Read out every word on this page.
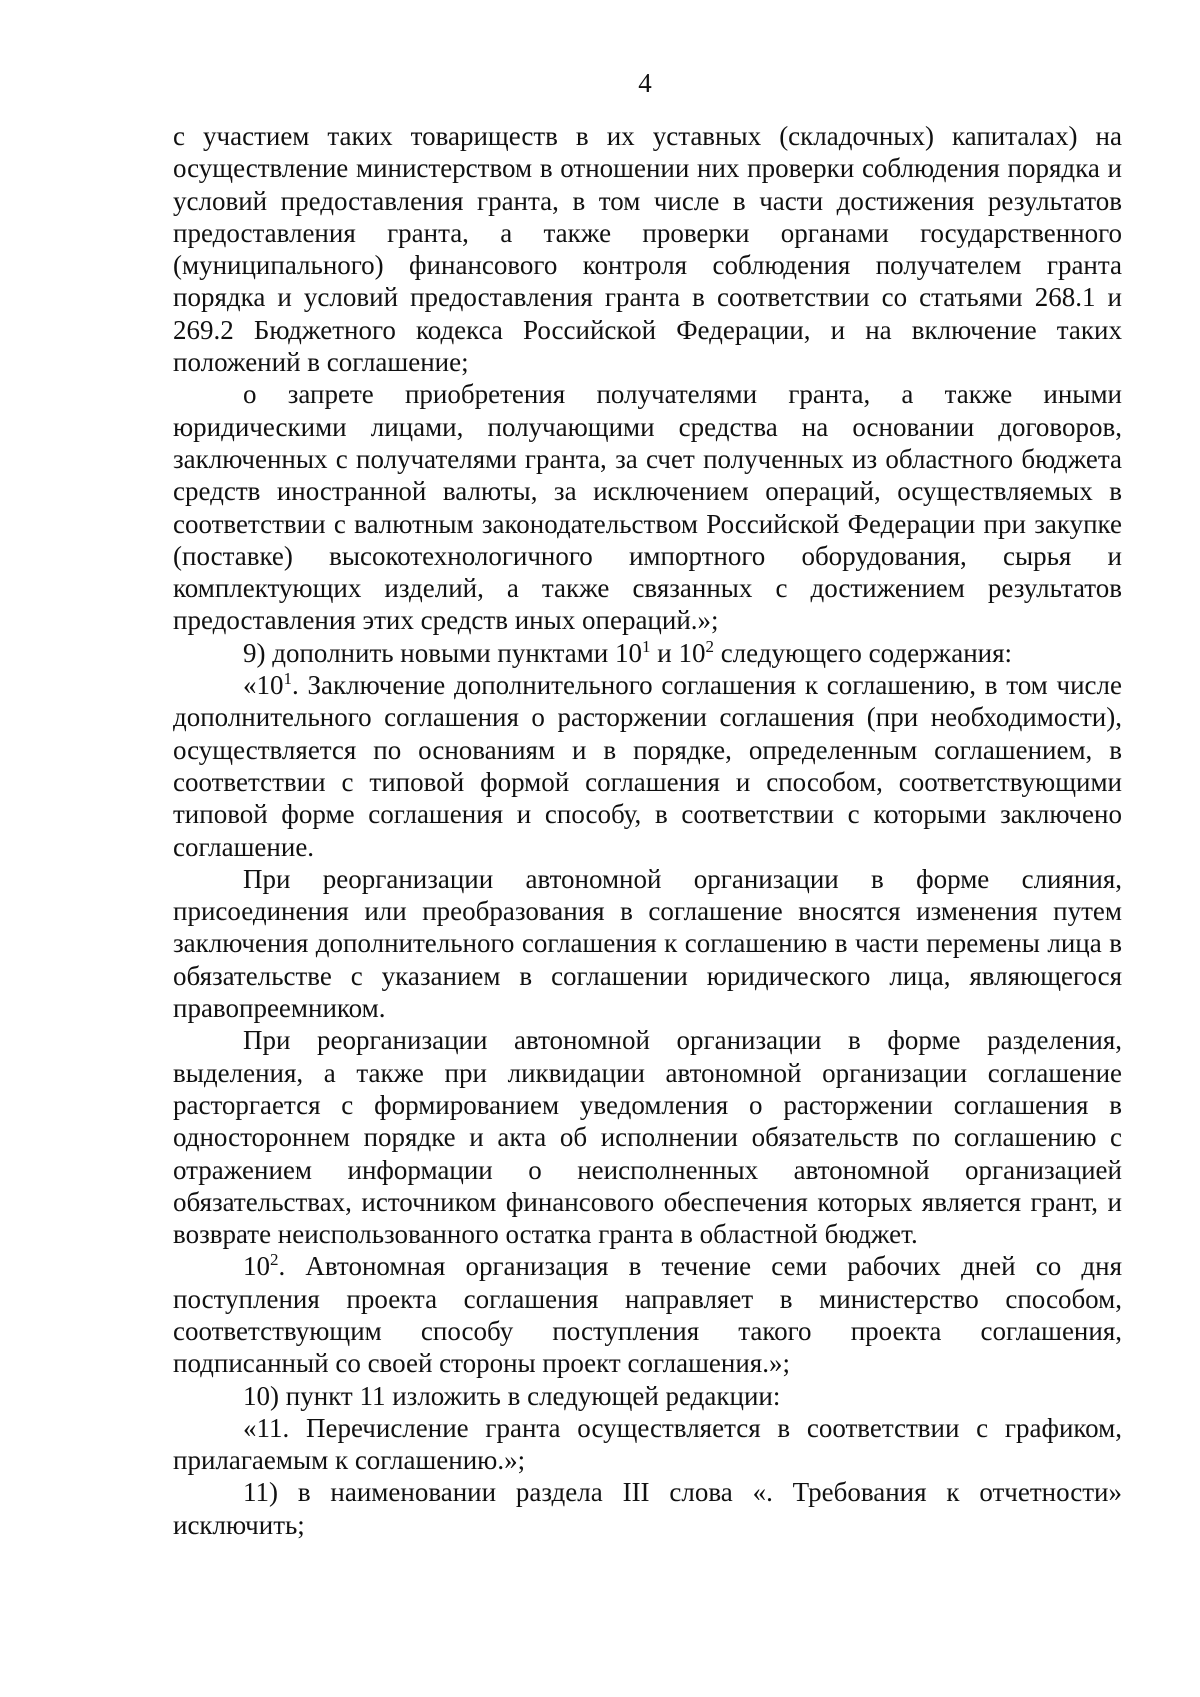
4

с участием таких товариществ в их уставных (складочных) капиталах) на осуществление министерством в отношении них проверки соблюдения порядка и условий предоставления гранта, в том числе в части достижения результатов предоставления гранта, а также проверки органами государственного (муниципального) финансового контроля соблюдения получателем гранта порядка и условий предоставления гранта в соответствии со статьями 268.1 и 269.2 Бюджетного кодекса Российской Федерации, и на включение таких положений в соглашение;

о запрете приобретения получателями гранта, а также иными юридическими лицами, получающими средства на основании договоров, заключенных с получателями гранта, за счет полученных из областного бюджета средств иностранной валюты, за исключением операций, осуществляемых в соответствии с валютным законодательством Российской Федерации при закупке (поставке) высокотехнологичного импортного оборудования, сырья и комплектующих изделий, а также связанных с достижением результатов предоставления этих средств иных операций.»;

9) дополнить новыми пунктами $10^1$ и $10^2$ следующего содержания:

«$10^1$. Заключение дополнительного соглашения к соглашению, в том числе дополнительного соглашения о расторжении соглашения (при необходимости), осуществляется по основаниям и в порядке, определенным соглашением, в соответствии с типовой формой соглашения и способом, соответствующими типовой форме соглашения и способу, в соответствии с которыми заключено соглашение.

При реорганизации автономной организации в форме слияния, присоединения или преобразования в соглашение вносятся изменения путем заключения дополнительного соглашения к соглашению в части перемены лица в обязательстве с указанием в соглашении юридического лица, являющегося правопреемником.

При реорганизации автономной организации в форме разделения, выделения, а также при ликвидации автономной организации соглашение расторгается с формированием уведомления о расторжении соглашения в одностороннем порядке и акта об исполнении обязательств по соглашению с отражением информации о неисполненных автономной организацией обязательствах, источником финансового обеспечения которых является грант, и возврате неиспользованного остатка гранта в областной бюджет.

$10^2$. Автономная организация в течение семи рабочих дней со дня поступления проекта соглашения направляет в министерство способом, соответствующим способу поступления такого проекта соглашения, подписанный со своей стороны проект соглашения.»;

10) пункт 11 изложить в следующей редакции:

«11. Перечисление гранта осуществляется в соответствии с графиком, прилагаемым к соглашению.»;

11) в наименовании раздела III слова «. Требования к отчетности» исключить;
